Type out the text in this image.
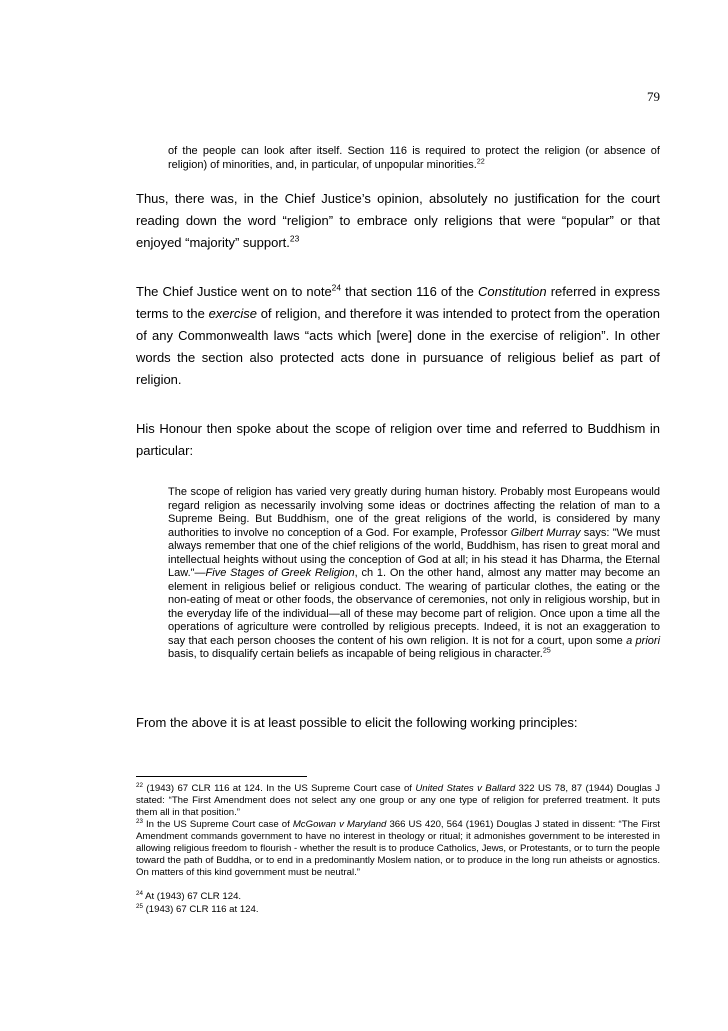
79

of the people can look after itself. Section 116 is required to protect the religion (or absence of religion) of minorities, and, in particular, of unpopular minorities.$^{22}$

Thus, there was, in the Chief Justice’s opinion, absolutely no justification for the court reading down the word “religion” to embrace only religions that were “popular” or that enjoyed “majority” support.$^{23}$

The Chief Justice went on to note$^{24}$ that section 116 of the Constitution referred in express terms to the exercise of religion, and therefore it was intended to protect from the operation of any Commonwealth laws “acts which [were] done in the exercise of religion”. In other words the section also protected acts done in pursuance of religious belief as part of religion.

His Honour then spoke about the scope of religion over time and referred to Buddhism in particular:

The scope of religion has varied very greatly during human history. Probably most Europeans would regard religion as necessarily involving some ideas or doctrines affecting the relation of man to a Supreme Being. But Buddhism, one of the great religions of the world, is considered by many authorities to involve no conception of a God. For example, Professor Gilbert Murray says: "We must always remember that one of the chief religions of the world, Buddhism, has risen to great moral and intellectual heights without using the conception of God at all; in his stead it has Dharma, the Eternal Law."—Five Stages of Greek Religion, ch 1. On the other hand, almost any matter may become an element in religious belief or religious conduct. The wearing of particular clothes, the eating or the non-eating of meat or other foods, the observance of ceremonies, not only in religious worship, but in the everyday life of the individual—all of these may become part of religion. Once upon a time all the operations of agriculture were controlled by religious precepts. Indeed, it is not an exaggeration to say that each person chooses the content of his own religion. It is not for a court, upon some a priori basis, to disqualify certain beliefs as incapable of being religious in character.$^{25}$

From the above it is at least possible to elicit the following working principles:

$^{22}$ (1943) 67 CLR 116 at 124. In the US Supreme Court case of United States v Ballard 322 US 78, 87 (1944) Douglas J stated: “The First Amendment does not select any one group or any one type of religion for preferred treatment. It puts them all in that position.”

$^{23}$ In the US Supreme Court case of McGowan v Maryland 366 US 420, 564 (1961) Douglas J stated in dissent: “The First Amendment commands government to have no interest in theology or ritual; it admonishes government to be interested in allowing religious freedom to flourish - whether the result is to produce Catholics, Jews, or Protestants, or to turn the people toward the path of Buddha, or to end in a predominantly Moslem nation, or to produce in the long run atheists or agnostics. On matters of this kind government must be neutral.”

$^{24}$ At (1943) 67 CLR 124.

$^{25}$ (1943) 67 CLR 116 at 124.
